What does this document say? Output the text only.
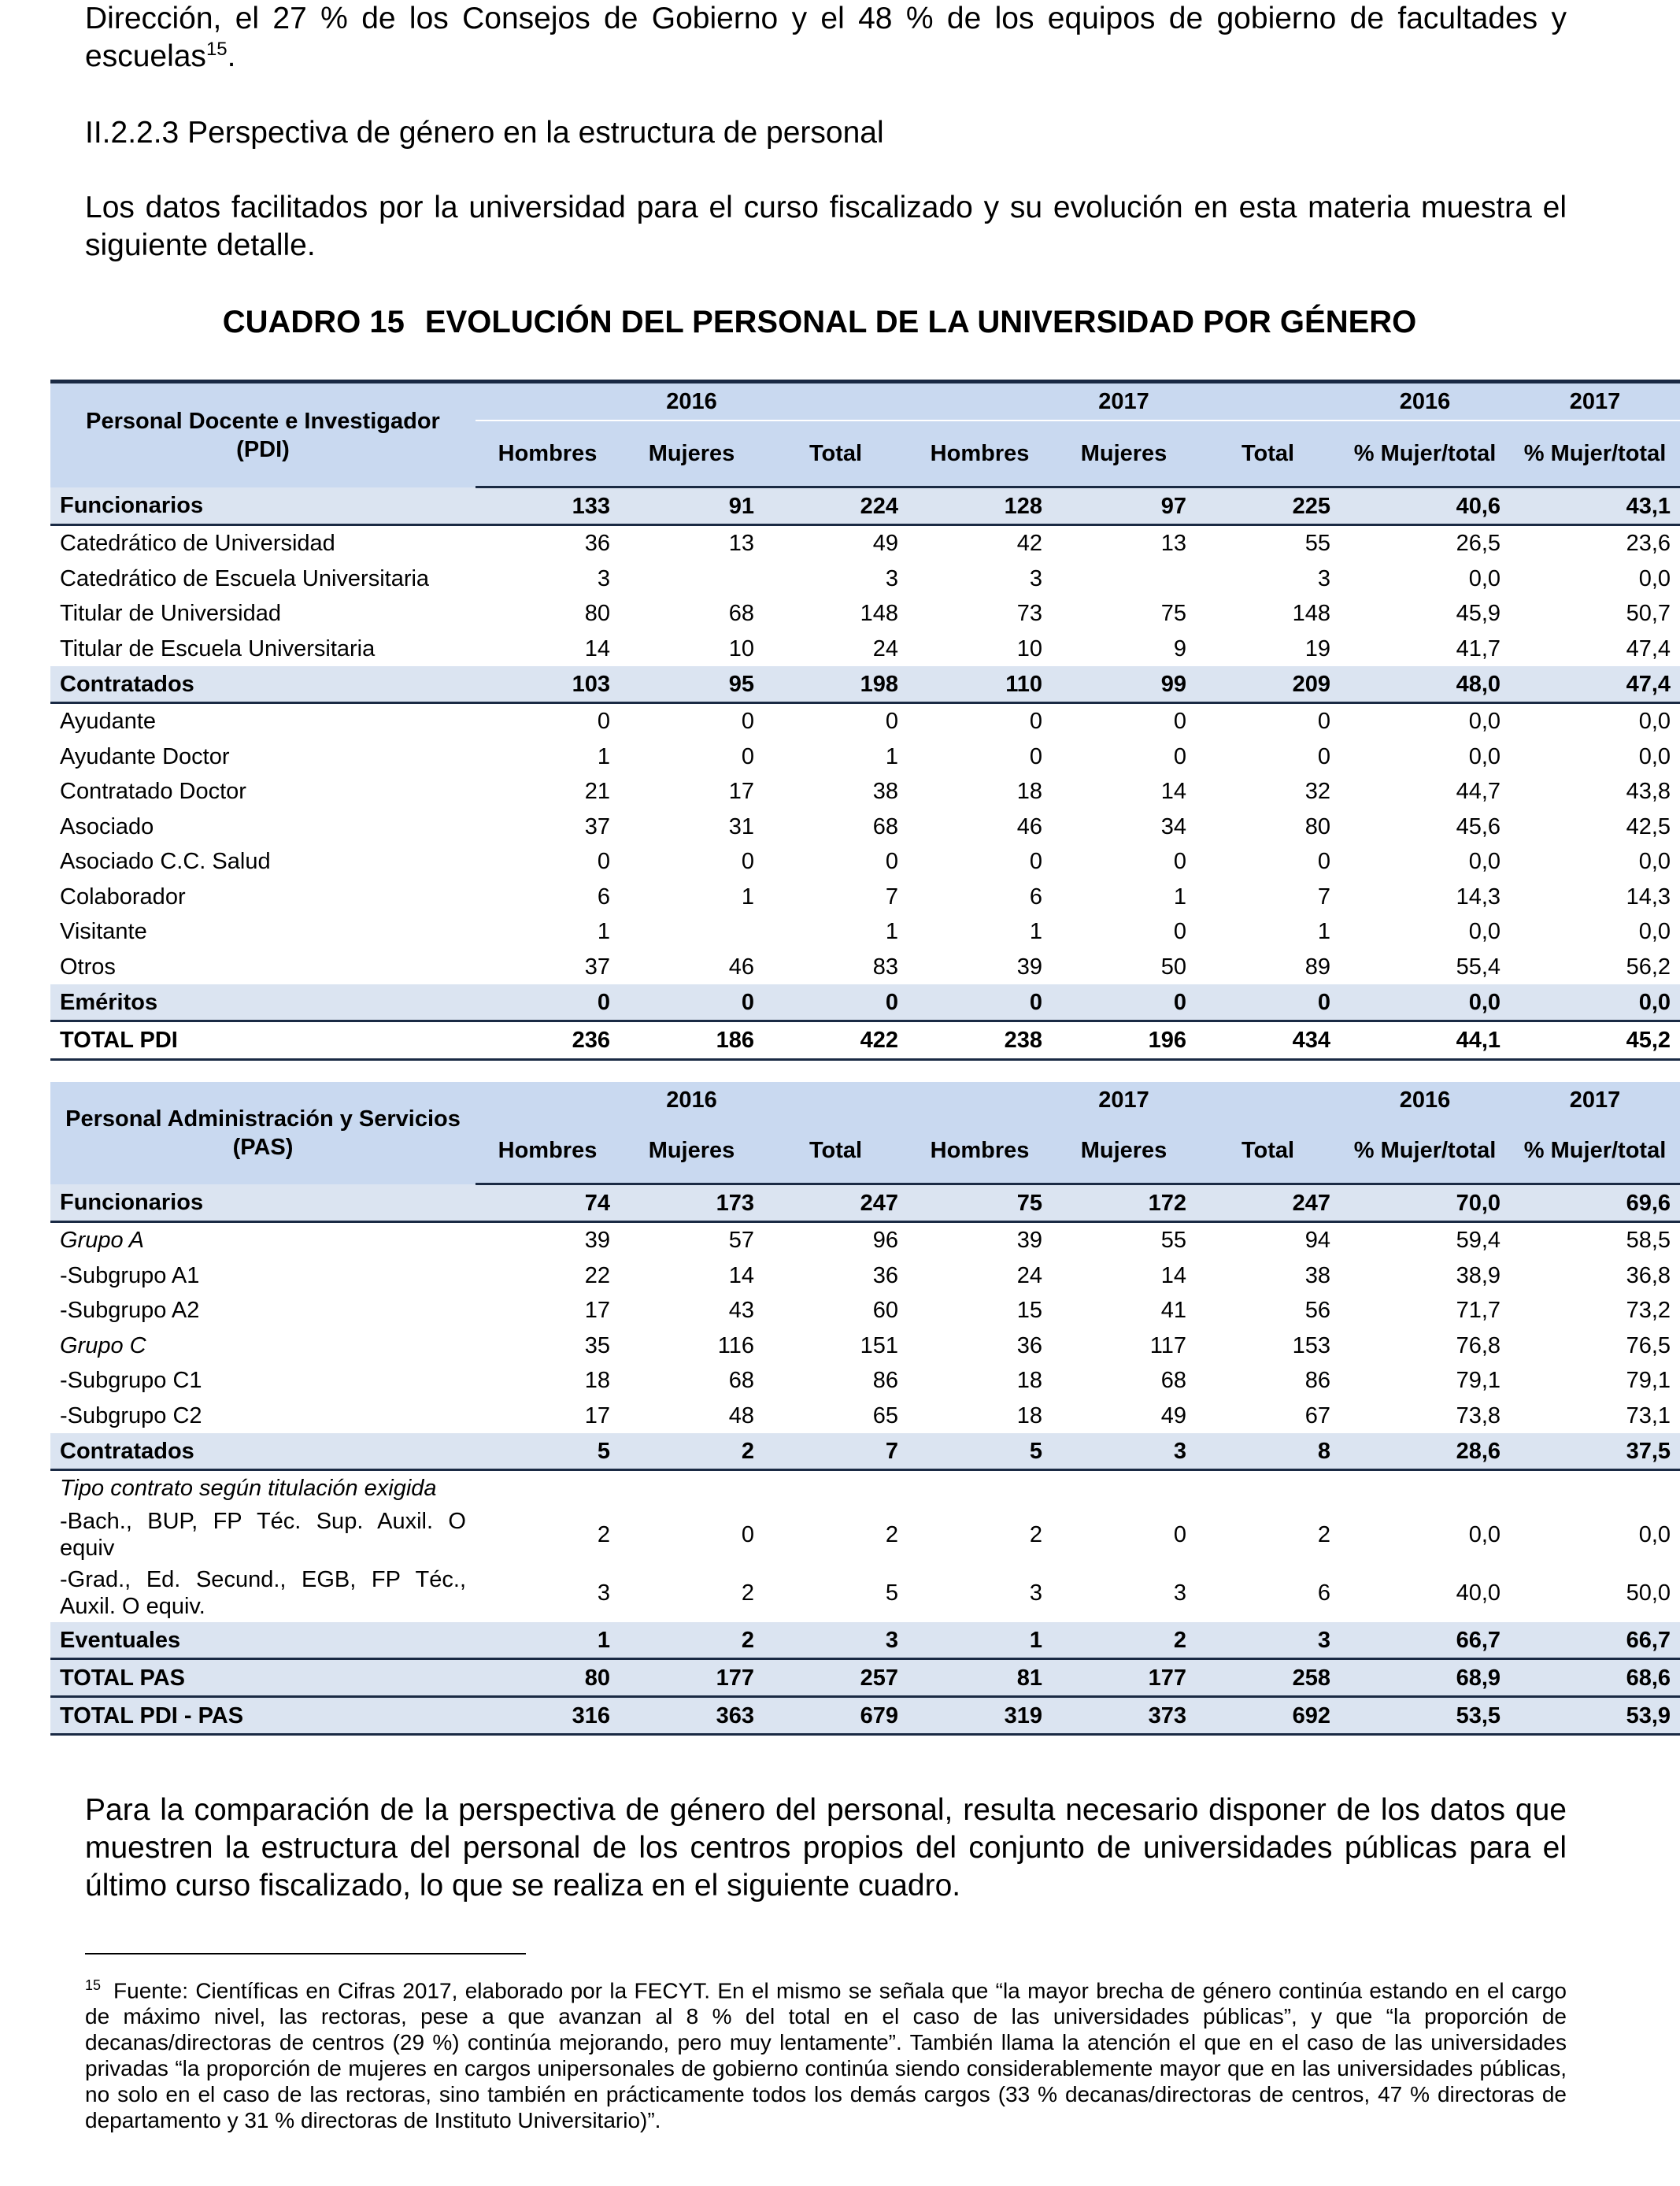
Dirección, el 27 % de los Consejos de Gobierno y el 48 % de los equipos de gobierno de facultades y escuelas$^{15}$.

II.2.2.3 Perspectiva de género en la estructura de personal

Los datos facilitados por la universidad para el curso fiscalizado y su evolución en esta materia muestra el siguiente detalle.

CUADRO 15 EVOLUCIÓN DEL PERSONAL DE LA UNIVERSIDAD POR GÉNERO

Personal Docente e Investigador (PDI)	2016			2017			2016	2017
	Hombres	Mujeres	Total	Hombres	Mujeres	Total	% Mujer/total	% Mujer/total
Funcionarios	133	91	224	128	97	225	40,6	43,1
Catedrático de Universidad	36	13	49	42	13	55	26,5	23,6
Catedrático de Escuela Universitaria	3		3	3		3	0,0	0,0
Titular de Universidad	80	68	148	73	75	148	45,9	50,7
Titular de Escuela Universitaria	14	10	24	10	9	19	41,7	47,4
Contratados	103	95	198	110	99	209	48,0	47,4
Ayudante	0	0	0	0	0	0	0,0	0,0
Ayudante Doctor	1	0	1	0	0	0	0,0	0,0
Contratado Doctor	21	17	38	18	14	32	44,7	43,8
Asociado	37	31	68	46	34	80	45,6	42,5
Asociado C.C. Salud	0	0	0	0	0	0	0,0	0,0
Colaborador	6	1	7	6	1	7	14,3	14,3
Visitante	1		1	1	0	1	0,0	0,0
Otros	37	46	83	39	50	89	55,4	56,2
Eméritos	0	0	0	0	0	0	0,0	0,0
TOTAL PDI	236	186	422	238	196	434	44,1	45,2
Personal Administración y Servicios (PAS)	2016			2017			2016	2017
	Hombres	Mujeres	Total	Hombres	Mujeres	Total	% Mujer/total	% Mujer/total
Funcionarios	74	173	247	75	172	247	70,0	69,6
Grupo A	39	57	96	39	55	94	59,4	58,5
-Subgrupo A1	22	14	36	24	14	38	38,9	36,8
-Subgrupo A2	17	43	60	15	41	56	71,7	73,2
Grupo C	35	116	151	36	117	153	76,8	76,5
-Subgrupo C1	18	68	86	18	68	86	79,1	79,1
-Subgrupo C2	17	48	65	18	49	67	73,8	73,1
Contratados	5	2	7	5	3	8	28,6	37,5
Tipo contrato según titulación exigida								
-Bach., BUP, FP Téc. Sup. Auxil. O equiv	2	0	2	2	0	2	0,0	0,0
-Grad., Ed. Secund., EGB, FP Téc., Auxil. O equiv.	3	2	5	3	3	6	40,0	50,0
Eventuales	1	2	3	1	2	3	66,7	66,7
TOTAL PAS	80	177	257	81	177	258	68,9	68,6
TOTAL PDI - PAS	316	363	679	319	373	692	53,5	53,9

Para la comparación de la perspectiva de género del personal, resulta necesario disponer de los datos que muestren la estructura del personal de los centros propios del conjunto de universidades públicas para el último curso fiscalizado, lo que se realiza en el siguiente cuadro.

$^{15}$ Fuente: Científicas en Cifras 2017, elaborado por la FECYT. En el mismo se señala que “la mayor brecha de género continúa estando en el cargo de máximo nivel, las rectoras, pese a que avanzan al 8 % del total en el caso de las universidades públicas”, y que “la proporción de decanas/directoras de centros (29 %) continúa mejorando, pero muy lentamente”. También llama la atención el que en el caso de las universidades privadas “la proporción de mujeres en cargos unipersonales de gobierno continúa siendo considerablemente mayor que en las universidades públicas, no solo en el caso de las rectoras, sino también en prácticamente todos los demás cargos (33 % decanas/directoras de centros, 47 % directoras de departamento y 31 % directoras de Instituto Universitario)”.
